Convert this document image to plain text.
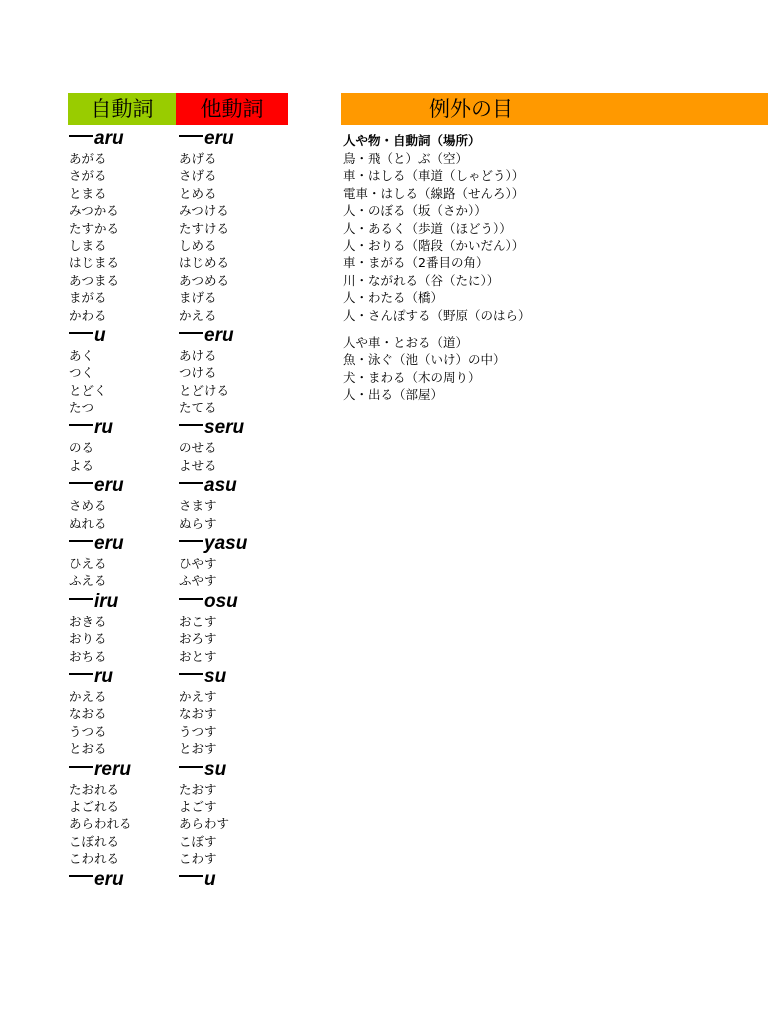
自動詞	他動詞	例外の目
aru
あがる
さがる
とまる
みつかる
たすかる
しまる
はじまる
あつまる
まがる
かわる
u
あく
つく
とどく
たつ
ru
のる
よる
eru
さめる
ぬれる
eru
ひえる
ふえる
iru
おきる
おりる
おちる
ru
かえる
なおる
うつる
とおる
reru
たおれる
よごれる
あらわれる
こぼれる
こわれる
eru
eru
あげる
さげる
とめる
みつける
たすける
しめる
はじめる
あつめる
まげる
かえる
eru
あける
つける
とどける
たてる
seru
のせる
よせる
asu
さます
ぬらす
yasu
ひやす
ふやす
osu
おこす
おろす
おとす
su
かえす
なおす
うつす
とおす
su
たおす
よごす
あらわす
こぼす
こわす
u
人や物・自動詞（場所）
鳥・飛（と）ぶ（空）
車・はしる（車道（しゃどう））
電車・はしる（線路（せんろ））
人・のぼる（坂（さか））
人・あるく（歩道（ほどう））
人・おりる（階段（かいだん））
車・まがる（2番目の角）
川・ながれる（谷（たに））
人・わたる（橋）
人・さんぽする（野原（のはら）
人や車・とおる（道）
魚・泳ぐ（池（いけ）の中）
犬・まわる（木の周り）
人・出る（部屋）
